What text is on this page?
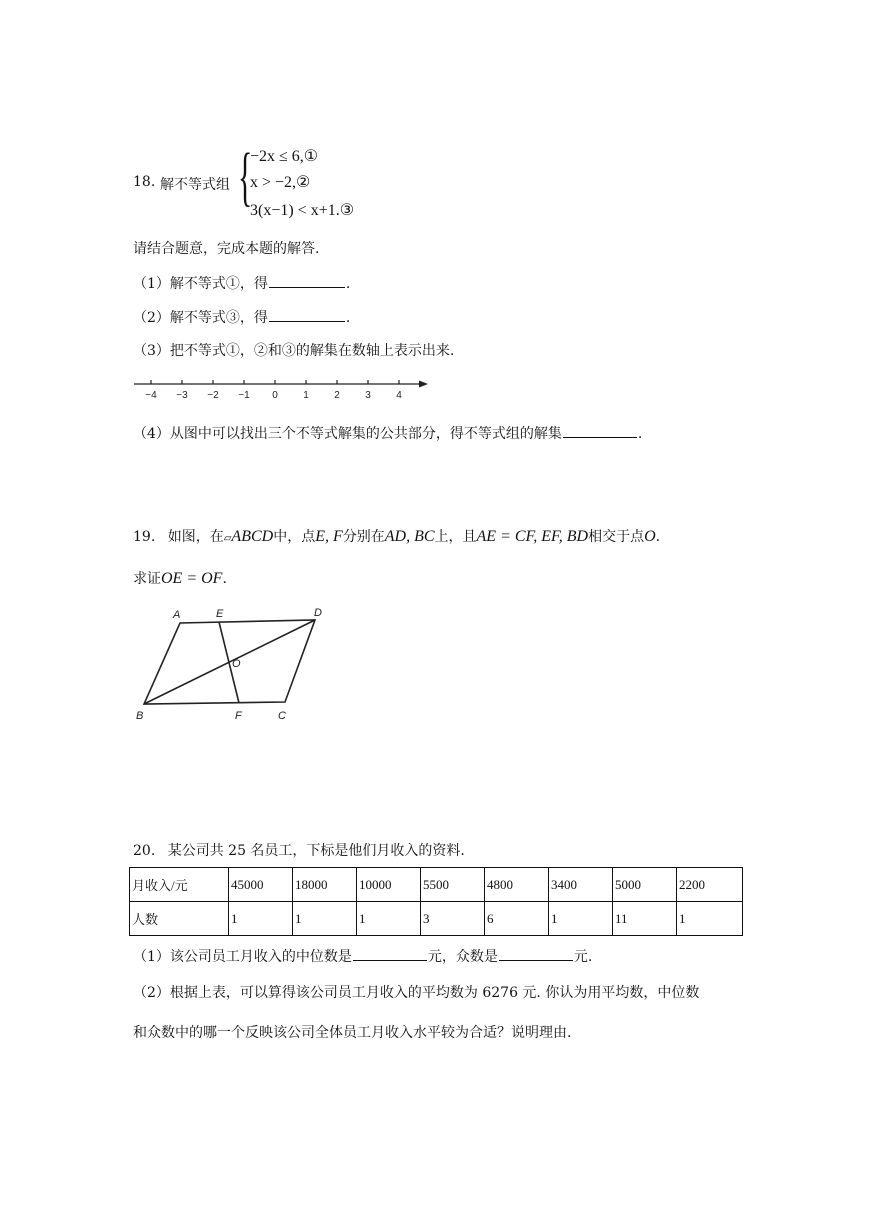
18. 解不等式组 {
−2x ≤ 6,①
x > −2,②
3(x−1) < x+1.③
请结合题意，完成本题的解答.
（1）解不等式①，得	.
（2）解不等式③，得	.
（3）把不等式①，②和③的解集在数轴上表示出来.
−4 −3 −2 −1 0	1	2	3	4
（4）从图中可以找出三个不等式解集的公共部分，得不等式组的解集	.
19. 如图，在▱ABCD中，点E, F分别在AD, BC上，且AE = CF, EF, BD相交于点O.
求证OE = OF.
A	E	D
O
B	F	C
20. 某公司共 25 名员工，下标是他们月收入的资料.
月收入/元	45000	18000	10000	5500	4800	3400	5000	2200
人数	1	1	1	3	6	1	11	1
（1）该公司员工月收入的中位数是	元，众数是	元.
（2）根据上表，可以算得该公司员工月收入的平均数为 6276 元. 你认为用平均数，中位数
和众数中的哪一个反映该公司全体员工月收入水平较为合适？说明理由.
